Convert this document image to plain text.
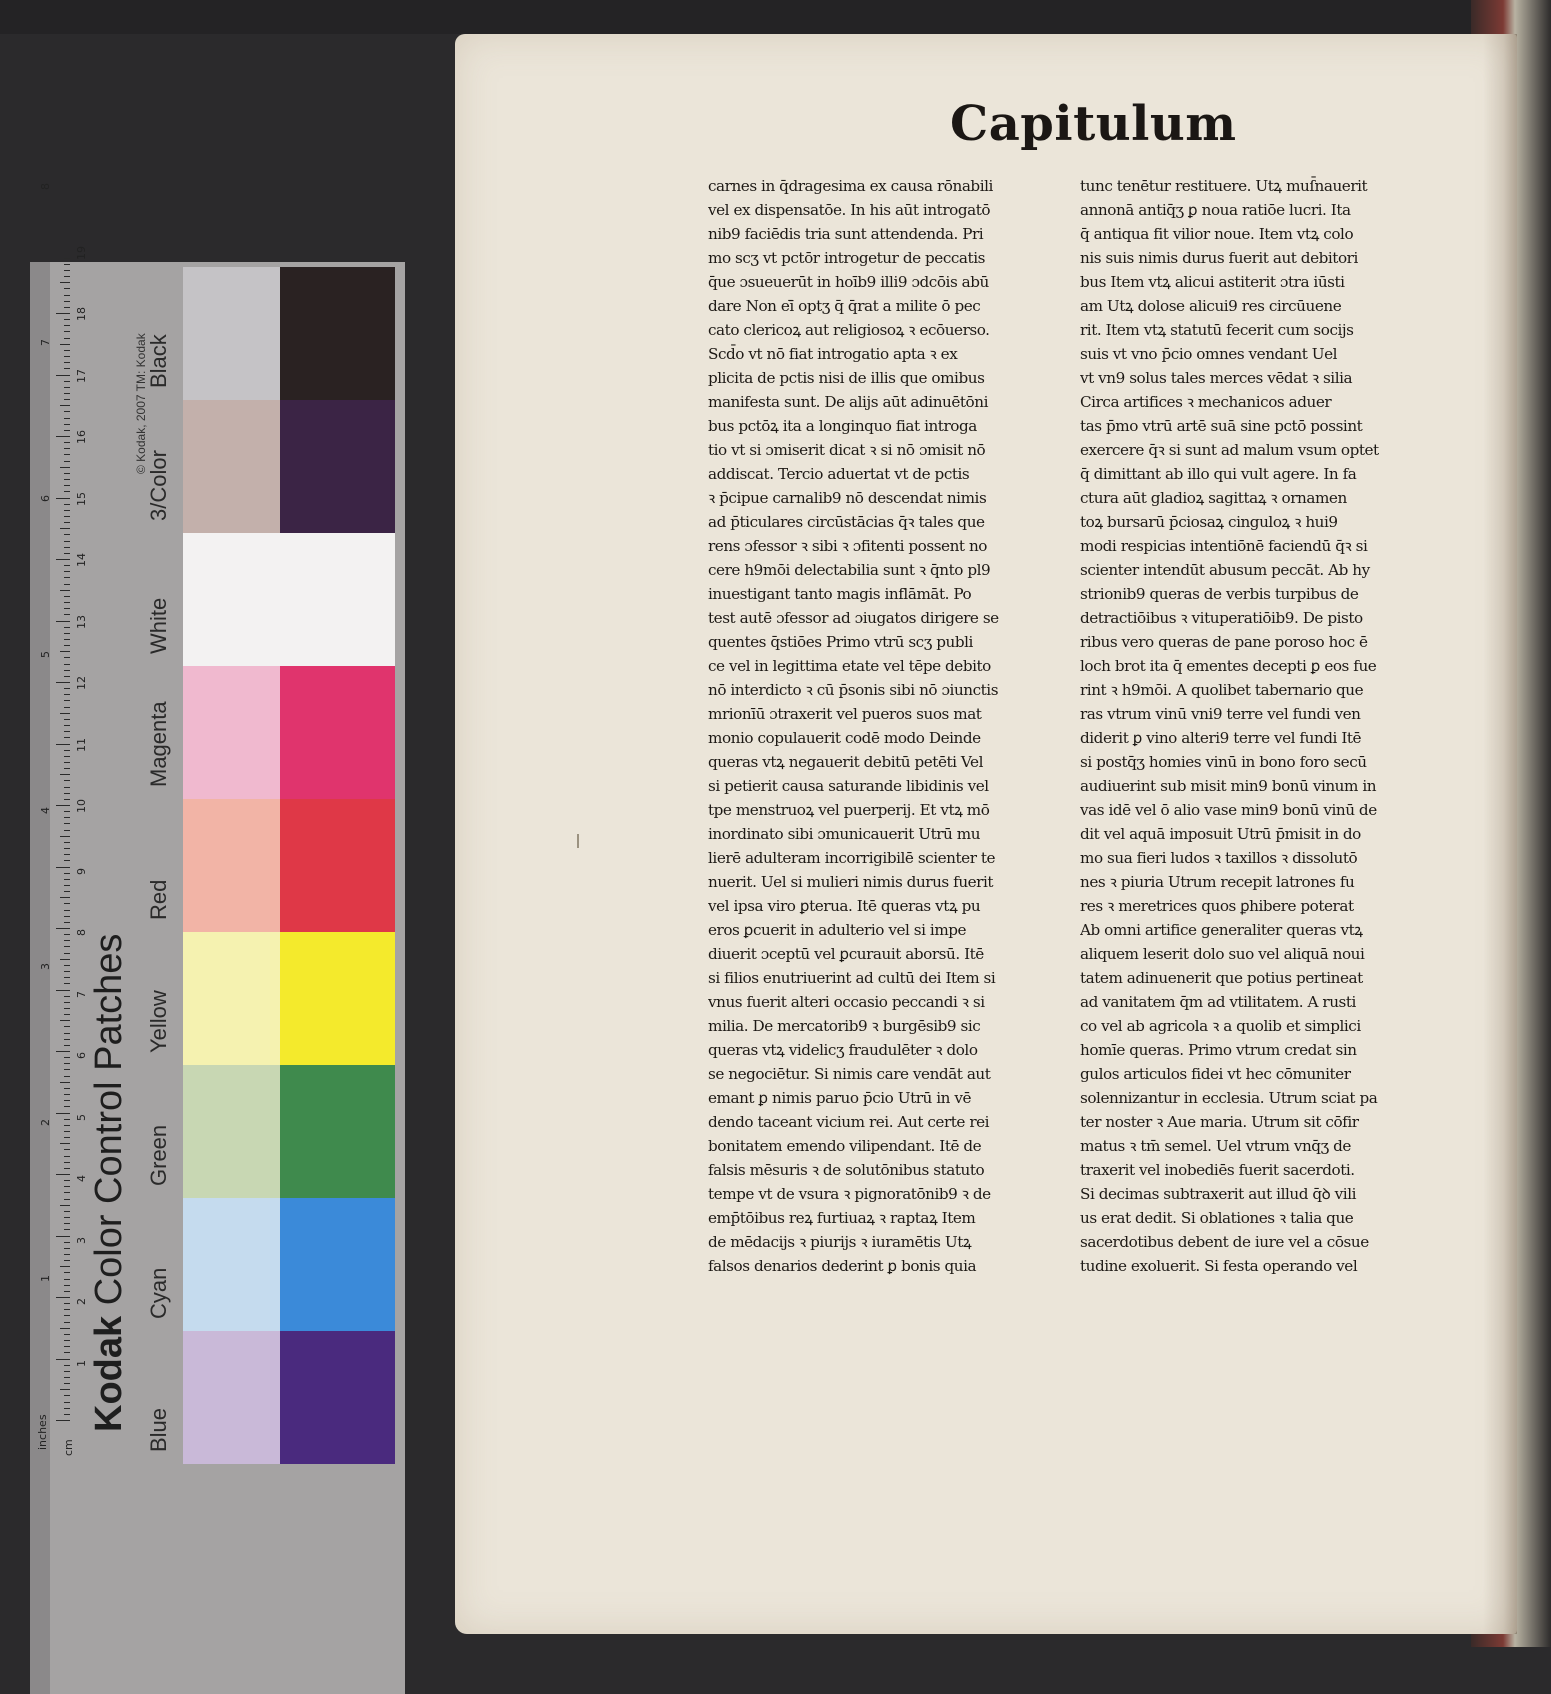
Kodak Color Control Patches
© Kodak, 2007 TM: Kodak
Black
3/Color
White
Magenta
Red
Yellow
Green
Cyan
Blue
Capitulum
carnes in q̄dragesima ex causa rōnabili
vel ex dispensatōe. In his aūt introgatō
nib9 faciēdis tria sunt attendenda. Pri
mo scʒ vt pctōr introgetur de peccatis
q̄ue ɔsueuerūt in hoīb9 illi9 ɔdcōis abū
dare Non eī̄ optʒ q̄ q̄rat a milite ō pec
cato clericoꝝ aut religiosoꝝ ꝛ ecōuerso.
Scd̄o vt nō fiat introgatio apta ꝛ ex
plicita de pctis nisi de illis que omibus
manifesta sunt. De alijs aūt adinuētōni
bus pctōꝝ ita a longinquo fiat introga
tio vt si ɔmiserit dicat ꝛ si nō ɔmisit nō
addiscat. Tercio aduertat vt de pctis
ꝛ p̄cipue carnalib9 nō descendat nimis
ad p̄ticulares circūstācias q̄ꝛ tales que
rens ɔfessor ꝛ sibi ꝛ ɔfitenti possent no
cere h9mōi delectabilia sunt ꝛ q̄nto pl9
inuestigant tanto magis inflāmāt. Po
test autē ɔfessor ad ɔiugatos dirigere se
quentes q̄stiōes Primo vtrū scʒ publi
ce vel in legittima etate vel tēpe debito
nō interdicto ꝛ cū p̄sonis sibi nō ɔiunctis
mrionīū ɔtraxerit vel pueros suos mat
monio copulauerit codē modo Deinde
queras vtꝝ negauerit debitū petēti Vel
si petierit causa saturande libidinis vel
tpe menstruoꝝ vel puerperij. Et vtꝝ mō
inordinato sibi ɔmunicauerit Utrū mu
lierē adulteram incorrigibilē scienter te
nuerit. Uel si mulieri nimis durus fuerit
vel ipsa viro ꝑterua. Itē queras vtꝝ pu
eros ꝑcuerit in adulterio vel si impe
diuerit ɔceptū vel ꝑcurauit aborsū. Itē
si filios enutriuerint ad cultū dei Item si
vnus fuerit alteri occasio peccandi ꝛ si
milia. De mercatorib9 ꝛ burgēsib9 sic
queras vtꝝ videlicʒ fraudulēter ꝛ dolo
se negociētur. Si nimis care vendāt aut
emant ꝑ nimis paruo p̄cio Utrū in vē
dendo taceant vicium rei. Aut certe rei
bonitatem emendo vilipendant. Itē de
falsis mēsuris ꝛ de solutōnibus statuto
tempe vt de vsura ꝛ pignoratōnib9 ꝛ de
emp̄tōibus reꝝ furtiuaꝝ ꝛ raptaꝝ Item
de mēdacijs ꝛ piurijs ꝛ iuramētis Utꝝ
falsos denarios dederint ꝑ bonis quia
tunc tenētur restituere. Utꝝ muſ̄nauerit
annonā antiq̄ʒ ꝑ noua ratiōe lucri. Ita
q̄ antiqua fit vilior noue. Item vtꝝ colo
nis suis nimis durus fuerit aut debitori
bus Item vtꝝ alicui astiterit ɔtra iūsti
am Utꝝ dolose alicui9 res circūuene
rit. Item vtꝝ statutū fecerit cum socijs
suis vt vno p̄cio omnes vendant Uel
vt vn9 solus tales merces vēdat ꝛ silia
Circa artifices ꝛ mechanicos aduer
tas p̄mo vtrū artē suā sine pctō possint
exercere q̄ꝛ si sunt ad malum vsum optet
q̄ dimittant ab illo qui vult agere. In fa
ctura aūt gladioꝝ sagittaꝝ ꝛ ornamen
toꝝ bursarū p̄ciosaꝝ cinguloꝝ ꝛ hui9
modi respicias intentiōnē faciendū q̄ꝛ si
scienter intendūt abusum peccāt. Ab hy
strionib9 queras de verbis turpibus de
detractiōibus ꝛ vituperatiōib9. De pisto
ribus vero queras de pane poroso hoc ē
loch brot ita q̄ ementes decepti ꝑ eos fue
rint ꝛ h9mōi. A quolibet tabernario que
ras vtrum vinū vni9 terre vel fundi ven
diderit ꝑ vino alteri9 terre vel fundi Itē
si postq̄ʒ homies vinū in bono foro secū
audiuerint sub misit min9 bonū vinum in
vas idē vel ō alio vase min9 bonū vinū de
dit vel aquā imposuit Utrū p̄misit in do
mo sua fieri ludos ꝛ taxillos ꝛ dissolutō
nes ꝛ piuria Utrum recepit latrones fu
res ꝛ meretrices quos ꝑhibere poterat
Ab omni artifice generaliter queras vtꝝ
aliquem leserit dolo suo vel aliquā noui
tatem adinuenerit que potius pertineat
ad vanitatem q̄m ad vtilitatem. A rusti
co vel ab agricola ꝛ a quolib et simplici
homīe queras. Primo vtrum credat sin
gulos articulos fidei vt hec cōmuniter
solennizantur in ecclesia. Utrum sciat pa
ter noster ꝛ Aue maria. Utrum sit cōfir
matus ꝛ tm̄ semel. Uel vtrum vnq̄ʒ de
traxerit vel inobediēs fuerit sacerdoti.
Si decimas subtraxerit aut illud q̄ꝺ vili
us erat dedit. Si oblationes ꝛ talia que
sacerdotibus debent de iure vel a cōsue
tudine exoluerit. Si festa operando vel
1
2
3
4
5
6
7
8
9
10
11
12
13
14
15
16
17
18
19
1
2
3
4
5
6
7
8
inches cm
